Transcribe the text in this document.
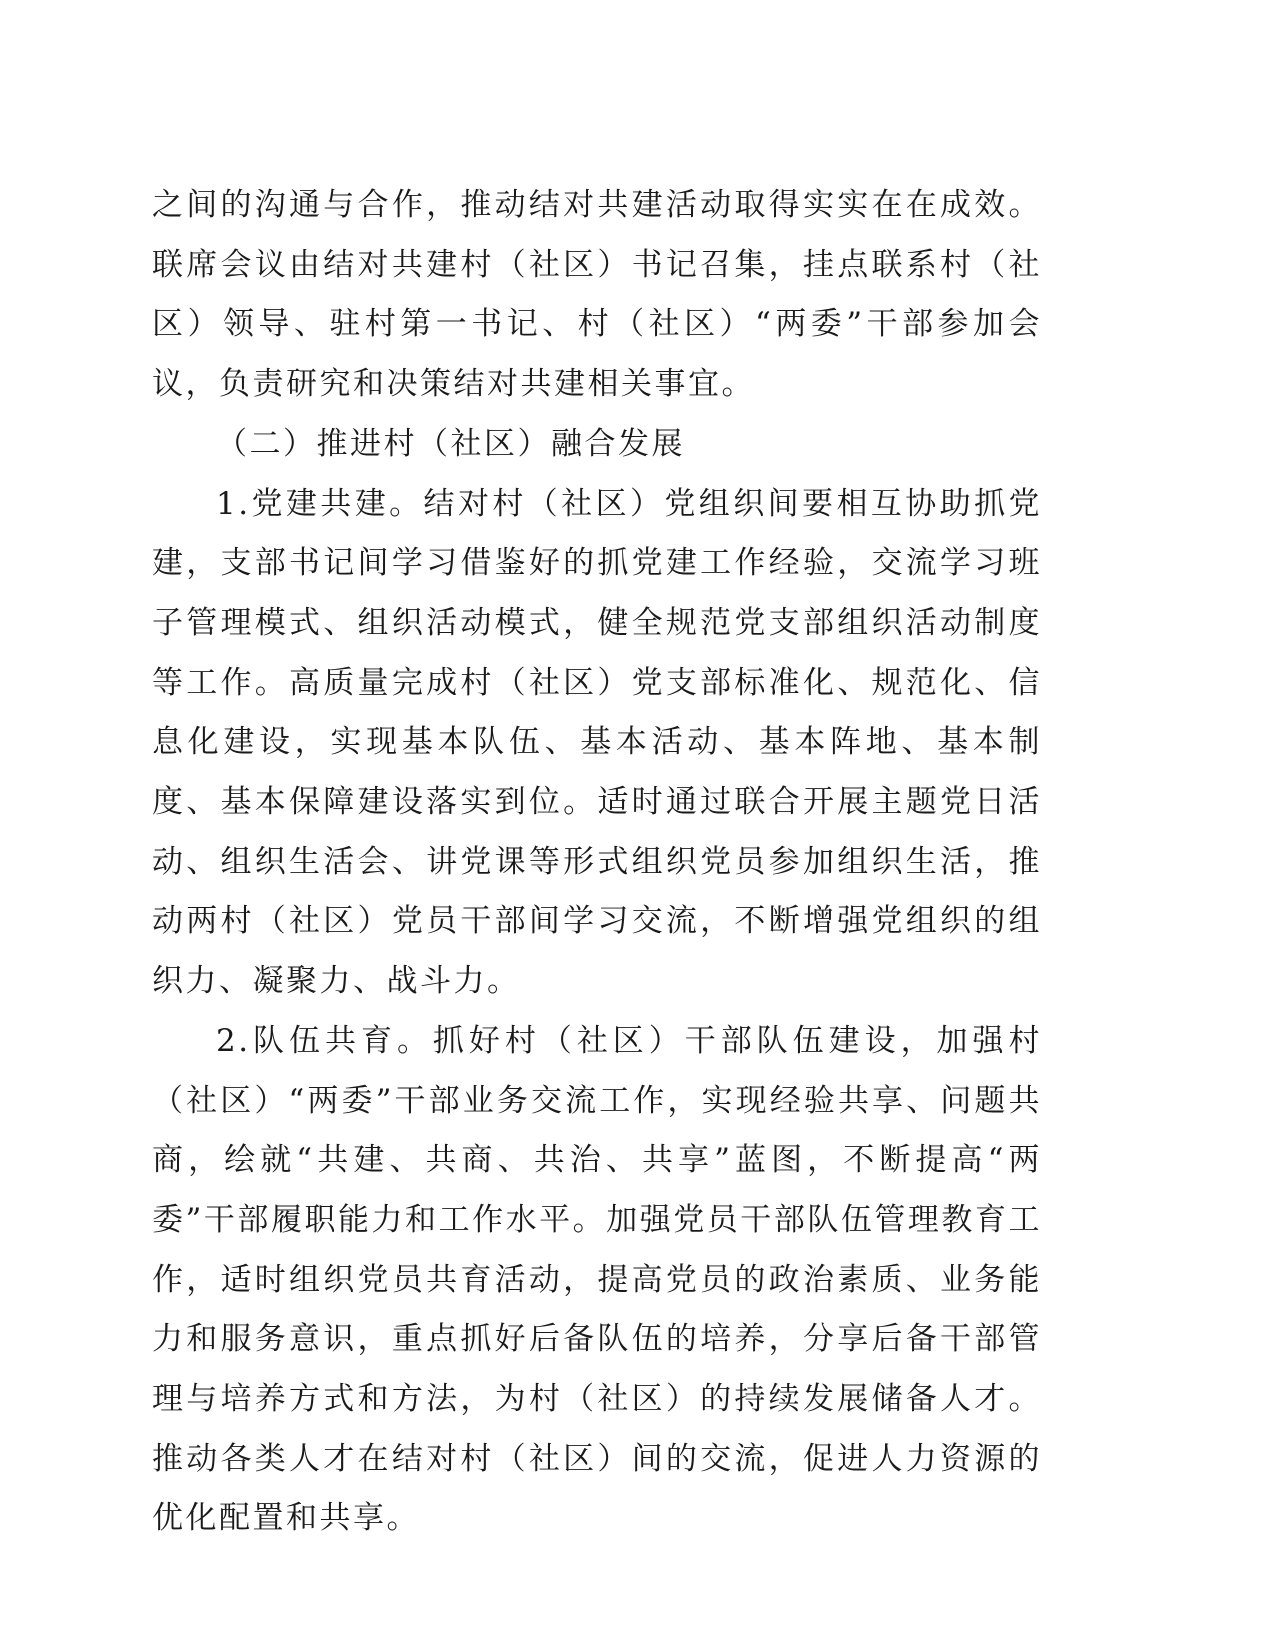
之间的沟通与合作，推动结对共建活动取得实实在在成效。联席会议由结对共建村（社区）书记召集，挂点联系村（社区）领导、驻村第一书记、村（社区）“两委”干部参加会议，负责研究和决策结对共建相关事宜。

（二）推进村（社区）融合发展

1.党建共建。结对村（社区）党组织间要相互协助抓党建，支部书记间学习借鉴好的抓党建工作经验，交流学习班子管理模式、组织活动模式，健全规范党支部组织活动制度等工作。高质量完成村（社区）党支部标准化、规范化、信息化建设，实现基本队伍、基本活动、基本阵地、基本制度、基本保障建设落实到位。适时通过联合开展主题党日活动、组织生活会、讲党课等形式组织党员参加组织生活，推动两村（社区）党员干部间学习交流，不断增强党组织的组织力、凝聚力、战斗力。

2.队伍共育。抓好村（社区）干部队伍建设，加强村（社区）“两委”干部业务交流工作，实现经验共享、问题共商，绘就“共建、共商、共治、共享”蓝图，不断提高“两委”干部履职能力和工作水平。加强党员干部队伍管理教育工作，适时组织党员共育活动，提高党员的政治素质、业务能力和服务意识，重点抓好后备队伍的培养，分享后备干部管理与培养方式和方法，为村（社区）的持续发展储备人才。推动各类人才在结对村（社区）间的交流，促进人力资源的优化配置和共享。
